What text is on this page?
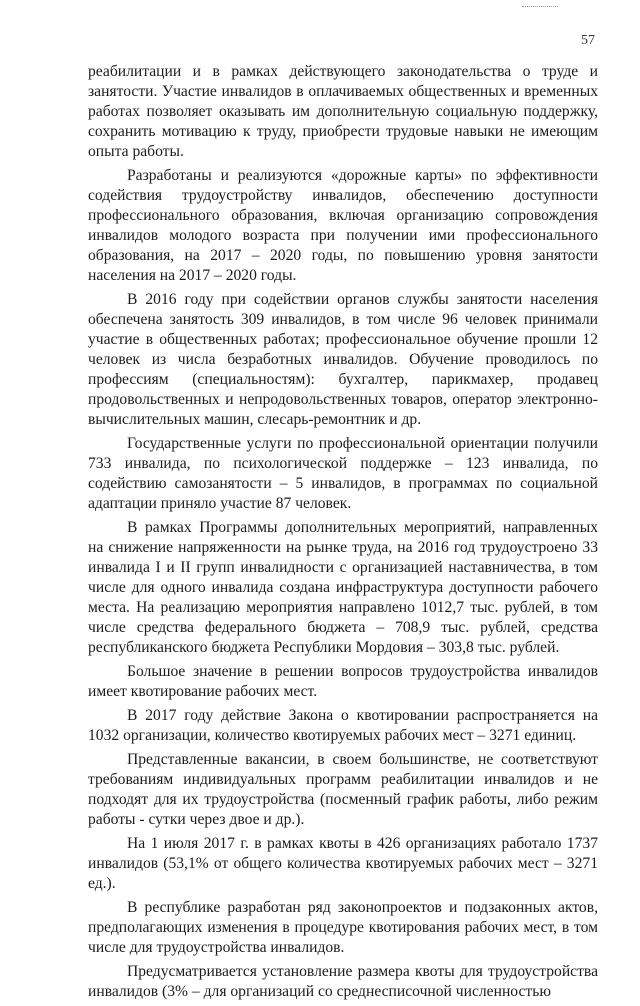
57

реабилитации и в рамках действующего законодательства о труде и занятости. Участие инвалидов в оплачиваемых общественных и временных работах позволяет оказывать им дополнительную социальную поддержку, сохранить мотивацию к труду, приобрести трудовые навыки не имеющим опыта работы.

Разработаны и реализуются «дорожные карты» по эффективности содействия трудоустройству инвалидов, обеспечению доступности профессионального образования, включая организацию сопровождения инвалидов молодого возраста при получении ими профессионального образования, на 2017 – 2020 годы, по повышению уровня занятости населения на 2017 – 2020 годы.

В 2016 году при содействии органов службы занятости населения обеспечена занятость 309 инвалидов, в том числе 96 человек принимали участие в общественных работах; профессиональное обучение прошли 12 человек из числа безработных инвалидов. Обучение проводилось по профессиям (специальностям): бухгалтер, парикмахер, продавец продовольственных и непродовольственных товаров, оператор электронно-вычислительных машин, слесарь-ремонтник и др.

Государственные услуги по профессиональной ориентации получили 733 инвалида, по психологической поддержке – 123 инвалида, по содействию самозанятости – 5 инвалидов, в программах по социальной адаптации приняло участие 87 человек.

В рамках Программы дополнительных мероприятий, направленных на снижение напряженности на рынке труда, на 2016 год трудоустроено 33 инвалида I и II групп инвалидности с организацией наставничества, в том числе для одного инвалида создана инфраструктура доступности рабочего места. На реализацию мероприятия направлено 1012,7 тыс. рублей, в том числе средства федерального бюджета – 708,9 тыс. рублей, средства республиканского бюджета Республики Мордовия – 303,8 тыс. рублей.

Большое значение в решении вопросов трудоустройства инвалидов имеет квотирование рабочих мест.

В 2017 году действие Закона о квотировании распространяется на 1032 организации, количество квотируемых рабочих мест – 3271 единиц.

Представленные вакансии, в своем большинстве, не соответствуют требованиям индивидуальных программ реабилитации инвалидов и не подходят для их трудоустройства (посменный график работы, либо режим работы - сутки через двое и др.).

На 1 июля 2017 г. в рамках квоты в 426 организациях работало 1737 инвалидов (53,1% от общего количества квотируемых рабочих мест – 3271 ед.).

В республике разработан ряд законопроектов и подзаконных актов, предполагающих изменения в процедуре квотирования рабочих мест, в том числе для трудоустройства инвалидов.

Предусматривается установление размера квоты для трудоустройства инвалидов (3% – для организаций со среднесписочной численностью
